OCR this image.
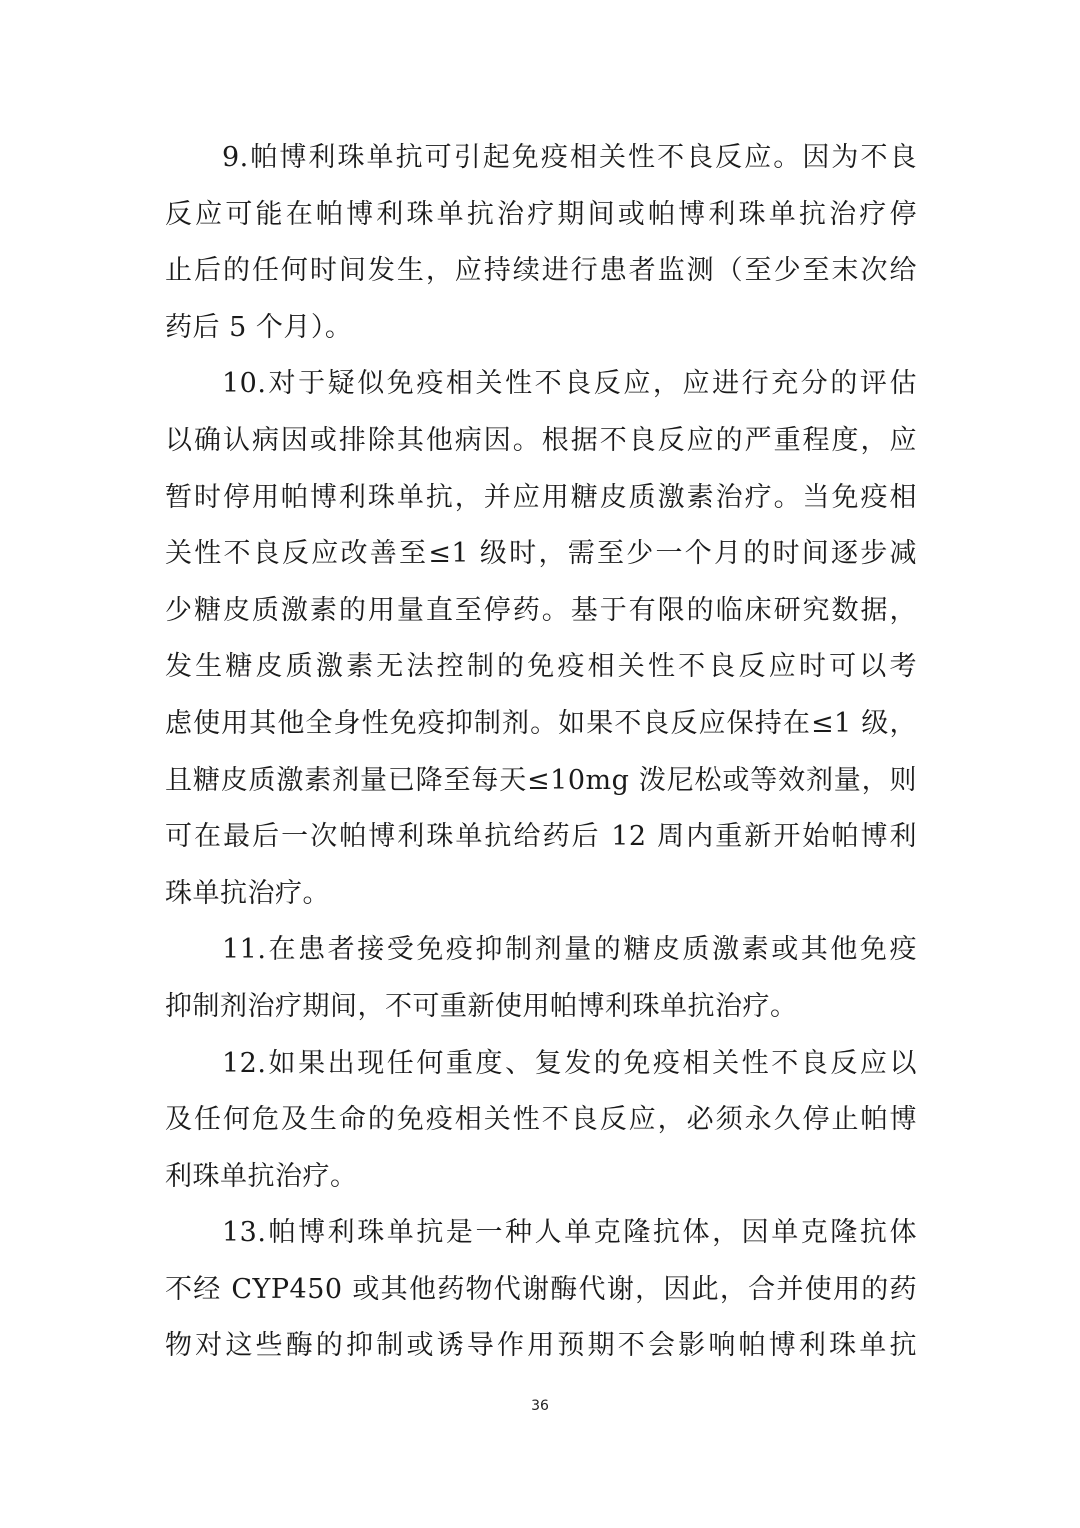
9.帕博利珠单抗可引起免疫相关性不良反应。因为不良
反应可能在帕博利珠单抗治疗期间或帕博利珠单抗治疗停
止后的任何时间发生，应持续进行患者监测（至少至末次给
药后 5 个月）。

10.对于疑似免疫相关性不良反应，应进行充分的评估
以确认病因或排除其他病因。根据不良反应的严重程度，应
暂时停用帕博利珠单抗，并应用糖皮质激素治疗。当免疫相
关性不良反应改善至≤1 级时，需至少一个月的时间逐步减
少糖皮质激素的用量直至停药。基于有限的临床研究数据，
发生糖皮质激素无法控制的免疫相关性不良反应时可以考
虑使用其他全身性免疫抑制剂。如果不良反应保持在≤1 级，
且糖皮质激素剂量已降至每天≤10mg 泼尼松或等效剂量，则
可在最后一次帕博利珠单抗给药后 12 周内重新开始帕博利
珠单抗治疗。

11.在患者接受免疫抑制剂量的糖皮质激素或其他免疫
抑制剂治疗期间，不可重新使用帕博利珠单抗治疗。

12.如果出现任何重度、复发的免疫相关性不良反应以
及任何危及生命的免疫相关性不良反应，必须永久停止帕博
利珠单抗治疗。

13.帕博利珠单抗是一种人单克隆抗体，因单克隆抗体
不经 CYP450 或其他药物代谢酶代谢，因此，合并使用的药
物对这些酶的抑制或诱导作用预期不会影响帕博利珠单抗

36
